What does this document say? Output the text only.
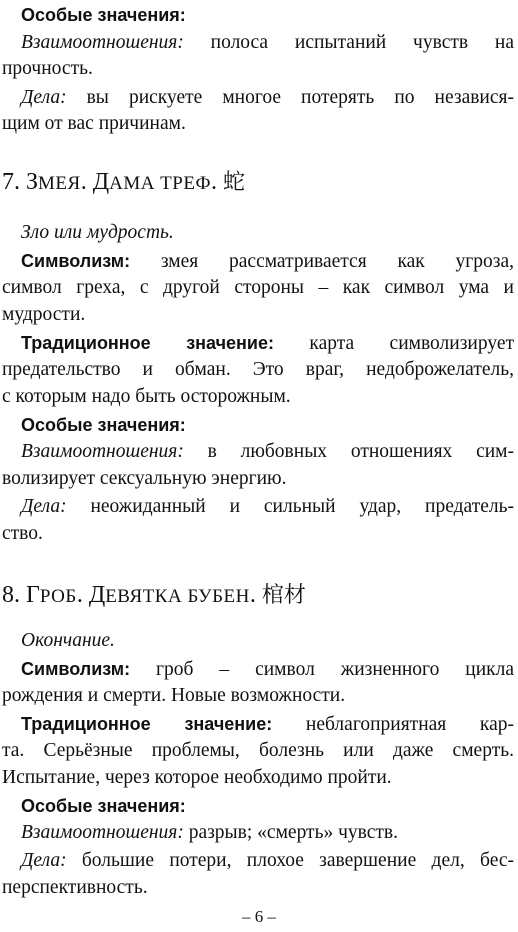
Особые значения:
Взаимоотношения: полоса испытаний чувств на
прочность.
Дела: вы рискуете многое потерять по независя-
щим от вас причинам.
7. ЗМЕЯ. ДАМА ТРЕФ. 蛇
Зло или мудрость.
Символизм: змея рассматривается как угроза,
символ греха, с другой стороны – как символ ума и
мудрости.
Традиционное значение: карта символизирует
предательство и обман. Это враг, недоброжелатель,
с которым надо быть осторожным.
Особые значения:
Взаимоотношения: в любовных отношениях сим-
волизирует сексуальную энергию.
Дела: неожиданный и сильный удар, предатель-
ство.
8. ГРОБ. ДЕВЯТКА БУБЕН. 棺材
Окончание.
Символизм: гроб – символ жизненного цикла
рождения и смерти. Новые возможности.
Традиционное значение: неблагоприятная кар-
та. Серьёзные проблемы, болезнь или даже смерть.
Испытание, через которое необходимо пройти.
Особые значения:
Взаимоотношения: разрыв; «смерть» чувств.
Дела: большие потери, плохое завершение дел, бес-
перспективность.
– 6 –
